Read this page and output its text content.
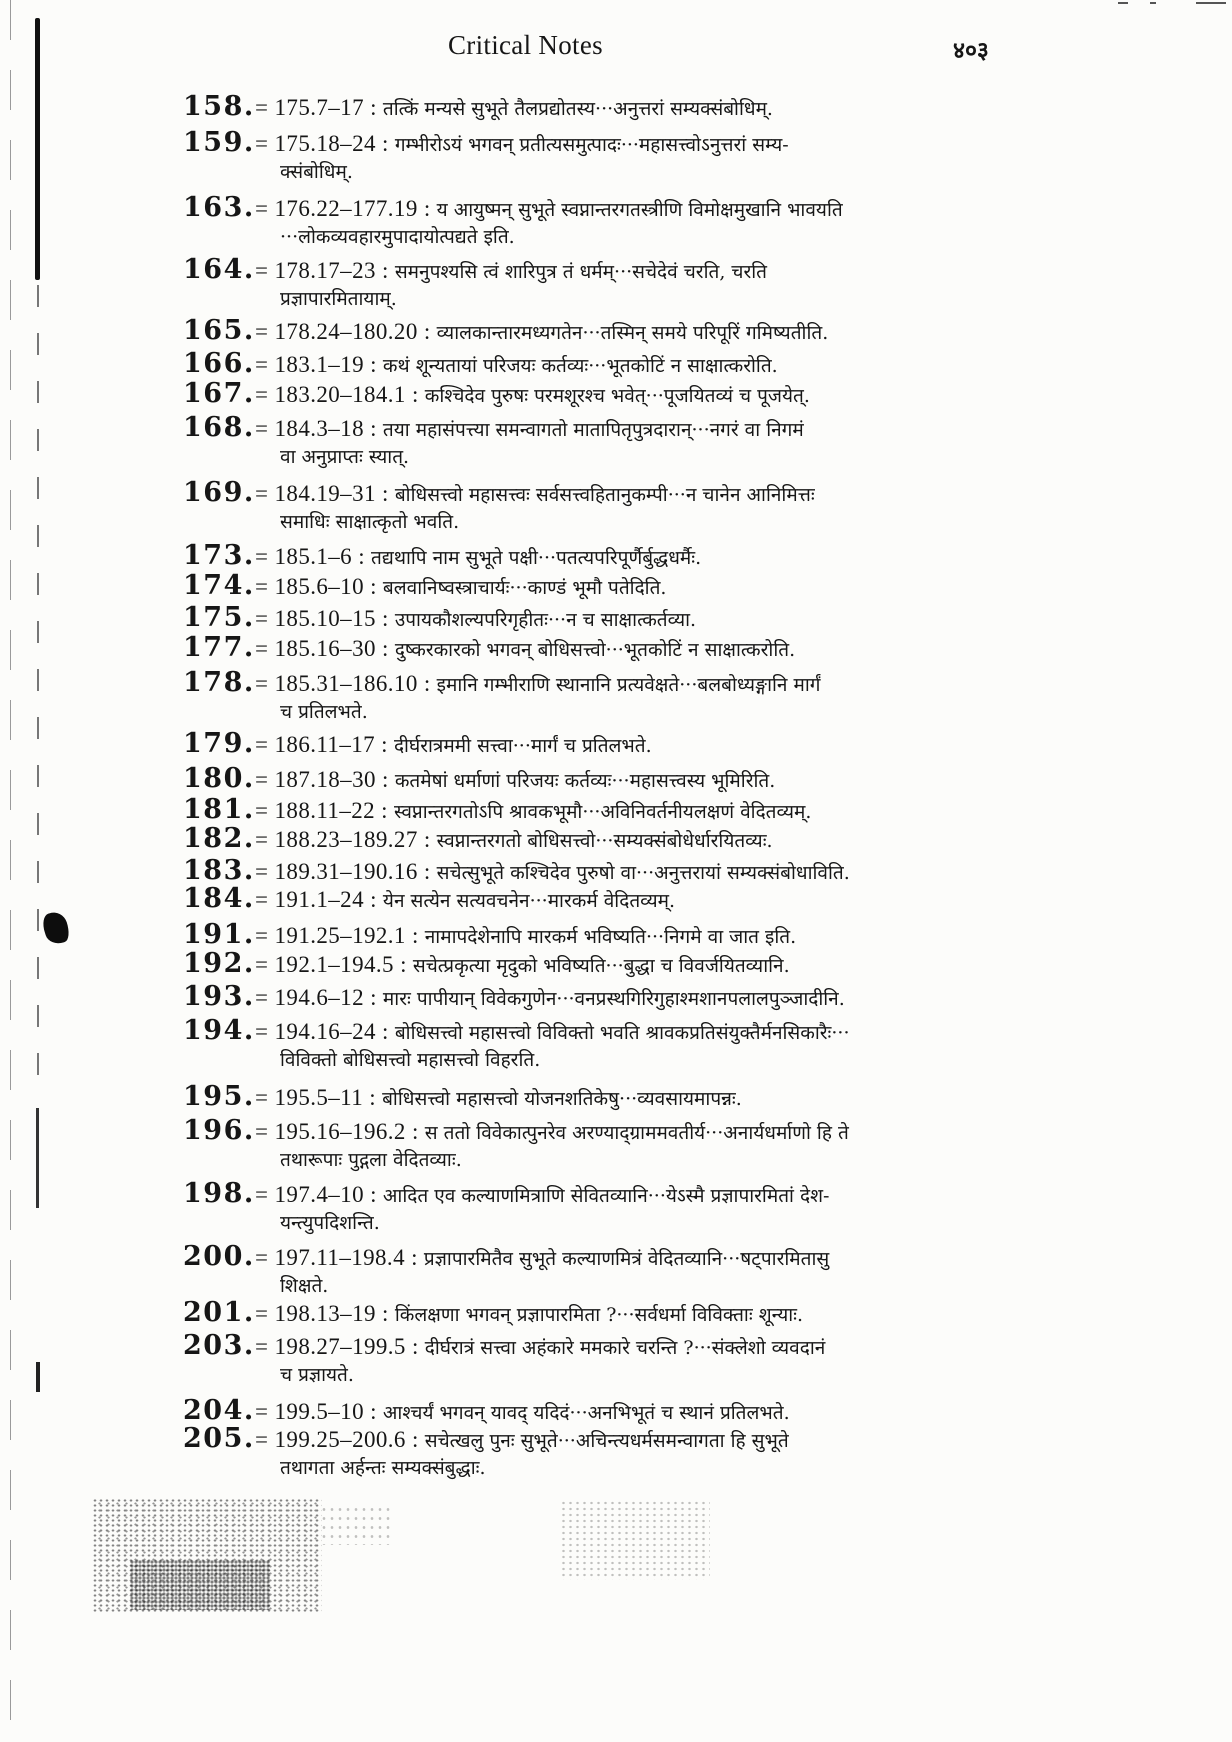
Critical Notes	४०३
158.= 175.7–17 : तत्किं मन्यसे सुभूते तैलप्रद्योतस्य···अनुत्तरां सम्यक्संबोधिम्.
159.= 175.18–24 : गम्भीरोऽयं भगवन् प्रतीत्यसमुत्पादः···महासत्त्वोऽनुत्तरां सम्य-
क्संबोधिम्.
163.= 176.22–177.19 : य आयुष्मन् सुभूते स्वप्नान्तरगतस्त्रीणि विमोक्षमुखानि भावयति
···लोकव्यवहारमुपादायोत्पद्यते इति.
164.= 178.17–23 : समनुपश्यसि त्वं शारिपुत्र तं धर्मम्···सचेदेवं चरति, चरति
प्रज्ञापारमितायाम्.
165.= 178.24–180.20 : व्यालकान्तारमध्यगतेन···तस्मिन् समये परिपूरिं गमिष्यतीति.
166.= 183.1–19 : कथं शून्यतायां परिजयः कर्तव्यः···भूतकोटिं न साक्षात्करोति.
167.= 183.20–184.1 : कश्चिदेव पुरुषः परमशूरश्च भवेत्···पूजयितव्यं च पूजयेत्.
168.= 184.3–18 : तया महासंपत्त्या समन्वागतो मातापितृपुत्रदारान्···नगरं वा निगमं
वा अनुप्राप्तः स्यात्.
169.= 184.19–31 : बोधिसत्त्वो महासत्त्वः सर्वसत्त्वहितानुकम्पी···न चानेन आनिमित्तः
समाधिः साक्षात्कृतो भवति.
173.= 185.1–6 : तद्यथापि नाम सुभूते पक्षी···पतत्यपरिपूर्णैर्बुद्धधर्मैः.
174.= 185.6–10 : बलवानिष्वस्त्राचार्यः···काण्डं भूमौ पतेदिति.
175.= 185.10–15 : उपायकौशल्यपरिगृहीतः···न च साक्षात्कर्तव्या.
177.= 185.16–30 : दुष्करकारको भगवन् बोधिसत्त्वो···भूतकोटिं न साक्षात्करोति.
178.= 185.31–186.10 : इमानि गम्भीराणि स्थानानि प्रत्यवेक्षते···बलबोध्यङ्गानि मार्गं
च प्रतिलभते.
179.= 186.11–17 : दीर्घरात्रममी सत्त्वा···मार्गं च प्रतिलभते.
180.= 187.18–30 : कतमेषां धर्माणां परिजयः कर्तव्यः···महासत्त्वस्य भूमिरिति.
181.= 188.11–22 : स्वप्नान्तरगतोऽपि श्रावकभूमौ···अविनिवर्तनीयलक्षणं वेदितव्यम्.
182.= 188.23–189.27 : स्वप्नान्तरगतो बोधिसत्त्वो···सम्यक्संबोधेर्धारयितव्यः.
183.= 189.31–190.16 : सचेत्सुभूते कश्चिदेव पुरुषो वा···अनुत्तरायां सम्यक्संबोधाविति.
184.= 191.1–24 : येन सत्येन सत्यवचनेन···मारकर्म वेदितव्यम्.
191.= 191.25–192.1 : नामापदेशेनापि मारकर्म भविष्यति···निगमे वा जात इति.
192.= 192.1–194.5 : सचेत्प्रकृत्या मृदुको भविष्यति···बुद्धा च विवर्जयितव्यानि.
193.= 194.6–12 : मारः पापीयान् विवेकगुणेन···वनप्रस्थगिरिगुहाश्मशानपलालपुञ्जादीनि.
194.= 194.16–24 : बोधिसत्त्वो महासत्त्वो विविक्तो भवति श्रावकप्रतिसंयुक्तैर्मनसिकारैः···
विविक्तो बोधिसत्त्वो महासत्त्वो विहरति.
195.= 195.5–11 : बोधिसत्त्वो महासत्त्वो योजनशतिकेषु···व्यवसायमापन्नः.
196.= 195.16–196.2 : स ततो विवेकात्पुनरेव अरण्याद्ग्राममवतीर्य···अनार्यधर्माणो हि ते
तथारूपाः पुद्गला वेदितव्याः.
198.= 197.4–10 : आदित एव कल्याणमित्राणि सेवितव्यानि···येऽस्मै प्रज्ञापारमितां देश-
यन्त्युपदिशन्ति.
200.= 197.11–198.4 : प्रज्ञापारमितैव सुभूते कल्याणमित्रं वेदितव्यानि···षट्पारमितासु
शिक्षते.
201.= 198.13–19 : किंलक्षणा भगवन् प्रज्ञापारमिता ?···सर्वधर्मा विविक्ताः शून्याः.
203.= 198.27–199.5 : दीर्घरात्रं सत्त्वा अहंकारे ममकारे चरन्ति ?···संक्लेशो व्यवदानं
च प्रज्ञायते.
204.= 199.5–10 : आश्चर्यं भगवन् यावद् यदिदं···अनभिभूतं च स्थानं प्रतिलभते.
205.= 199.25–200.6 : सचेत्खलु पुनः सुभूते···अचिन्त्यधर्मसमन्वागता हि सुभूते
तथागता अर्हन्तः सम्यक्संबुद्धाः.
